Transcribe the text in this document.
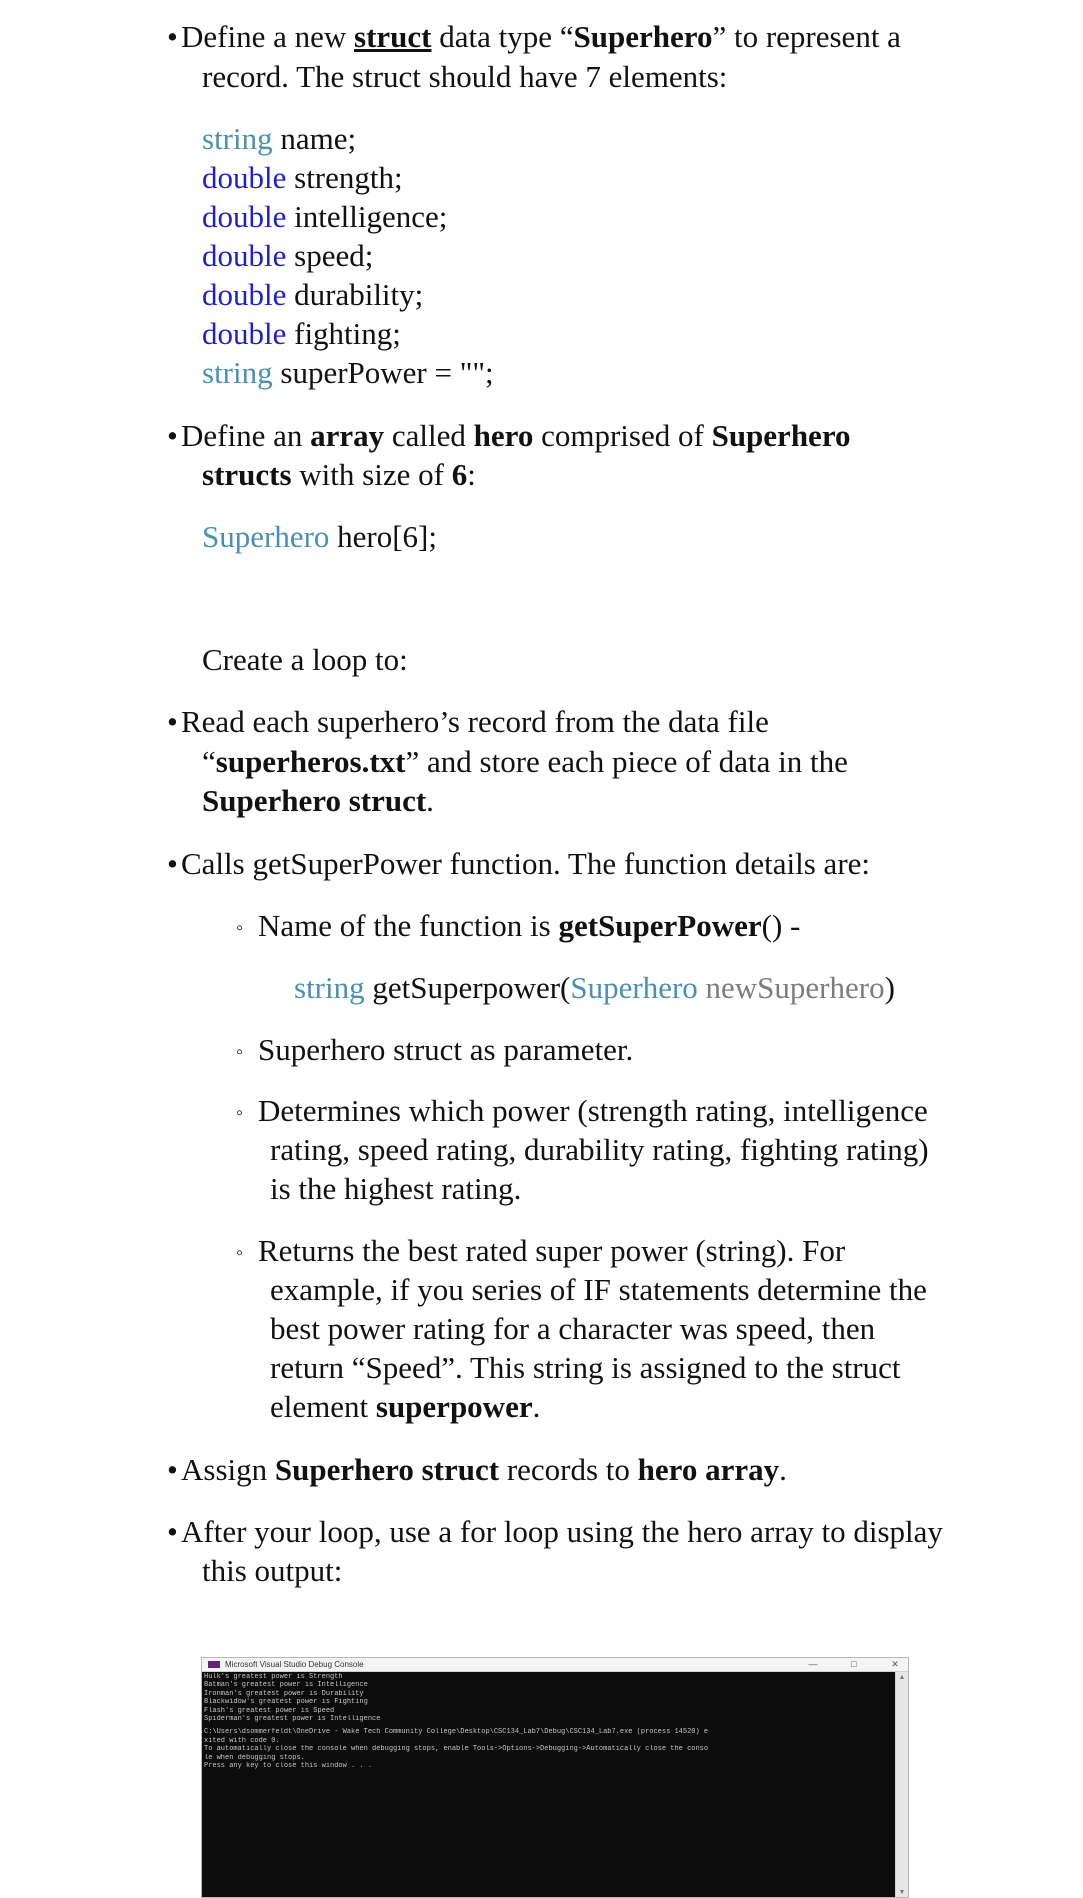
• Define a new struct data type “Superhero” to represent a
record. The struct should have 7 elements:
string name;
double strength;
double intelligence;
double speed;
double durability;
double fighting;
string superPower = "";
• Define an array called hero comprised of Superhero
structs with size of 6:
Superhero hero[6];
Create a loop to:
• Read each superhero’s record from the data file
“superheros.txt” and store each piece of data in the
Superhero struct.
• Calls getSuperPower function. The function details are:
◦ Name of the function is getSuperPower() -
string getSuperpower(Superhero newSuperhero)
◦ Superhero struct as parameter.
◦ Determines which power (strength rating, intelligence
rating, speed rating, durability rating, fighting rating)
is the highest rating.
◦ Returns the best rated super power (string). For
example, if you series of IF statements determine the
best power rating for a character was speed, then
return “Speed”. This string is assigned to the struct
element superpower.
• Assign Superhero struct records to hero array.
• After your loop, use a for loop using the hero array to display
this output:
Microsoft Visual Studio Debug Console	—	□	✕
Hulk's greatest power is Strength
Batman's greatest power is Intelligence
Ironman's greatest power is Durability
Blackwidow's greatest power is Fighting
Flash's greatest power is Speed
Spiderman's greatest power is Intelligence
C:\Users\dsommerfeldt\OneDrive - Wake Tech Community College\Desktop\CSC134_Lab7\Debug\CSC134_Lab7.exe (process 14520) e
xited with code 0.
To automatically close the console when debugging stops, enable Tools->Options->Debugging->Automatically close the conso
le when debugging stops.
Press any key to close this window . . .
▲
▼
